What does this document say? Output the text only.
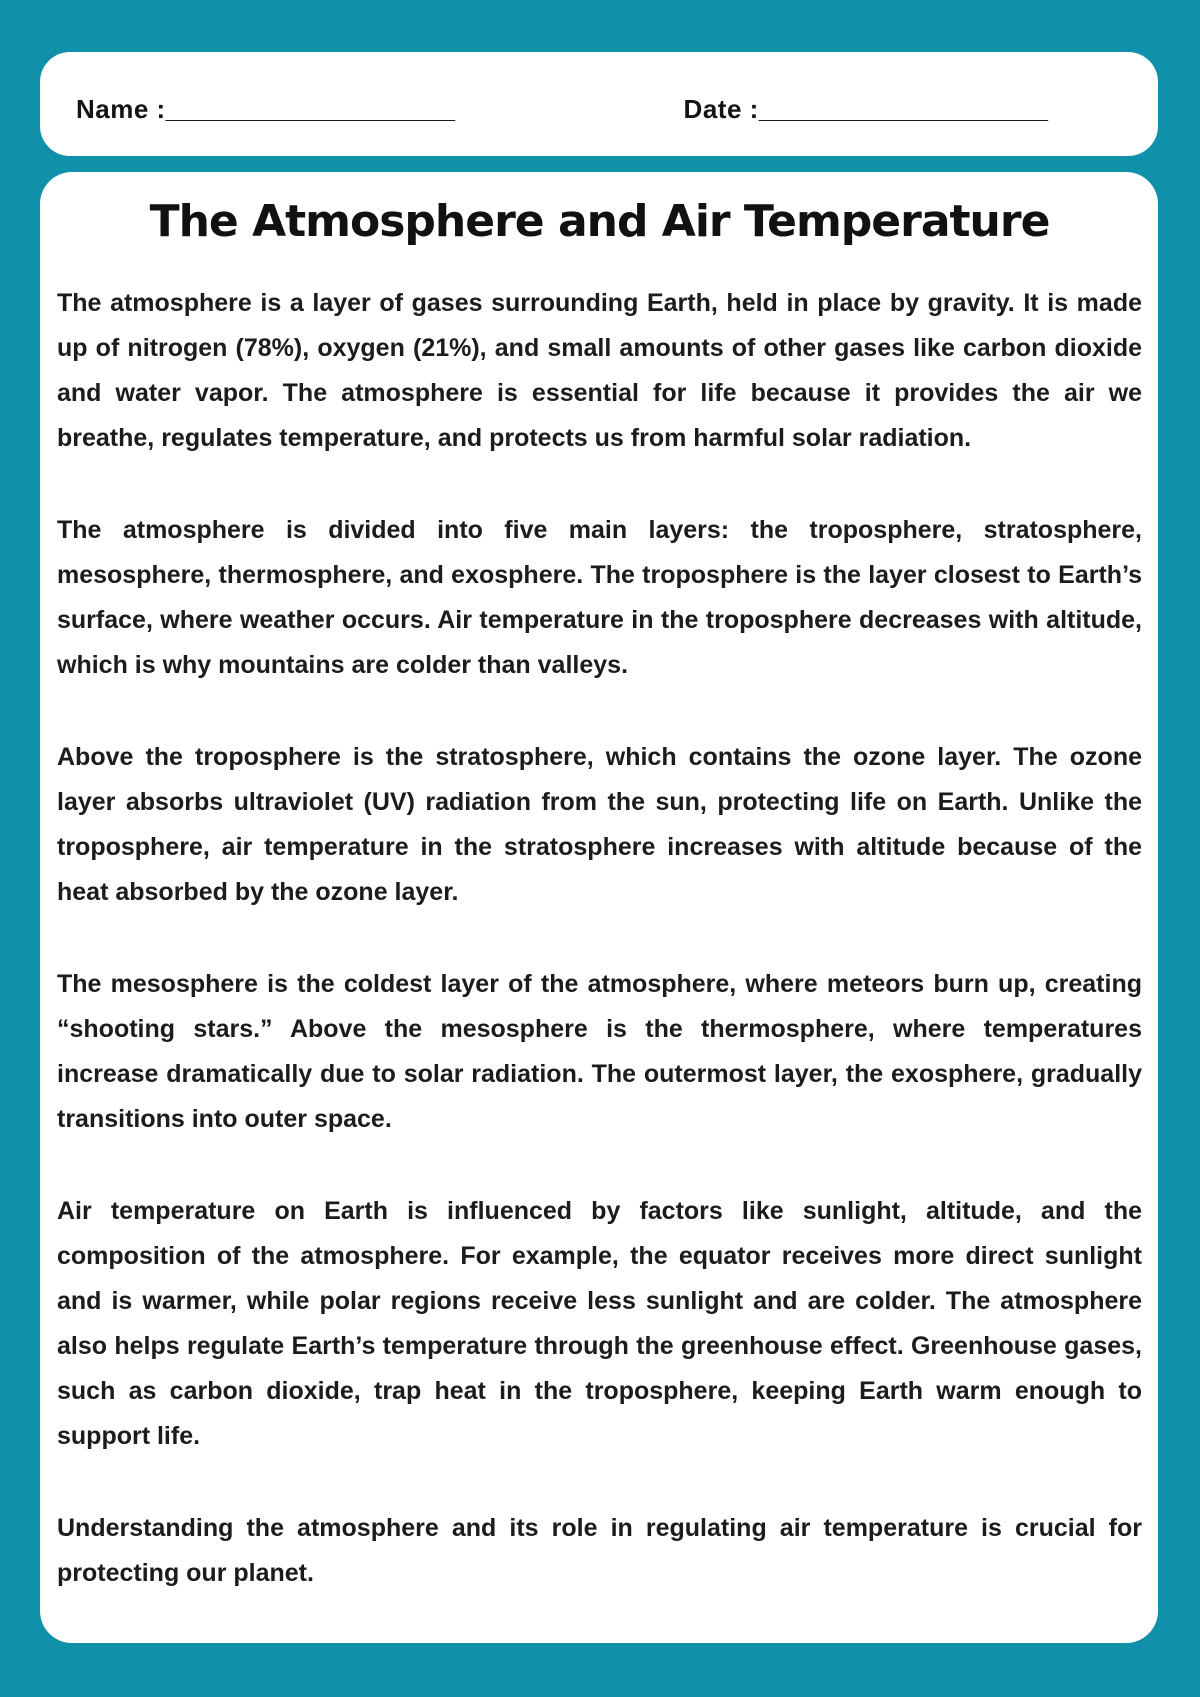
Name :____________________	Date :____________________
The Atmosphere and Air Temperature

The atmosphere is a layer of gases surrounding Earth, held in place by gravity. It is made up of nitrogen (78%), oxygen (21%), and small amounts of other gases like carbon dioxide and water vapor. The atmosphere is essential for life because it provides the air we breathe, regulates temperature, and protects us from harmful solar radiation.

The atmosphere is divided into five main layers: the troposphere, stratosphere, mesosphere, thermosphere, and exosphere. The troposphere is the layer closest to Earth’s surface, where weather occurs. Air temperature in the troposphere decreases with altitude, which is why mountains are colder than valleys.

Above the troposphere is the stratosphere, which contains the ozone layer. The ozone layer absorbs ultraviolet (UV) radiation from the sun, protecting life on Earth. Unlike the troposphere, air temperature in the stratosphere increases with altitude because of the heat absorbed by the ozone layer.

The mesosphere is the coldest layer of the atmosphere, where meteors burn up, creating “shooting stars.” Above the mesosphere is the thermosphere, where temperatures increase dramatically due to solar radiation. The outermost layer, the exosphere, gradually transitions into outer space.

Air temperature on Earth is influenced by factors like sunlight, altitude, and the composition of the atmosphere. For example, the equator receives more direct sunlight and is warmer, while polar regions receive less sunlight and are colder. The atmosphere also helps regulate Earth’s temperature through the greenhouse effect. Greenhouse gases, such as carbon dioxide, trap heat in the troposphere, keeping Earth warm enough to support life.

Understanding the atmosphere and its role in regulating air temperature is crucial for protecting our planet.
